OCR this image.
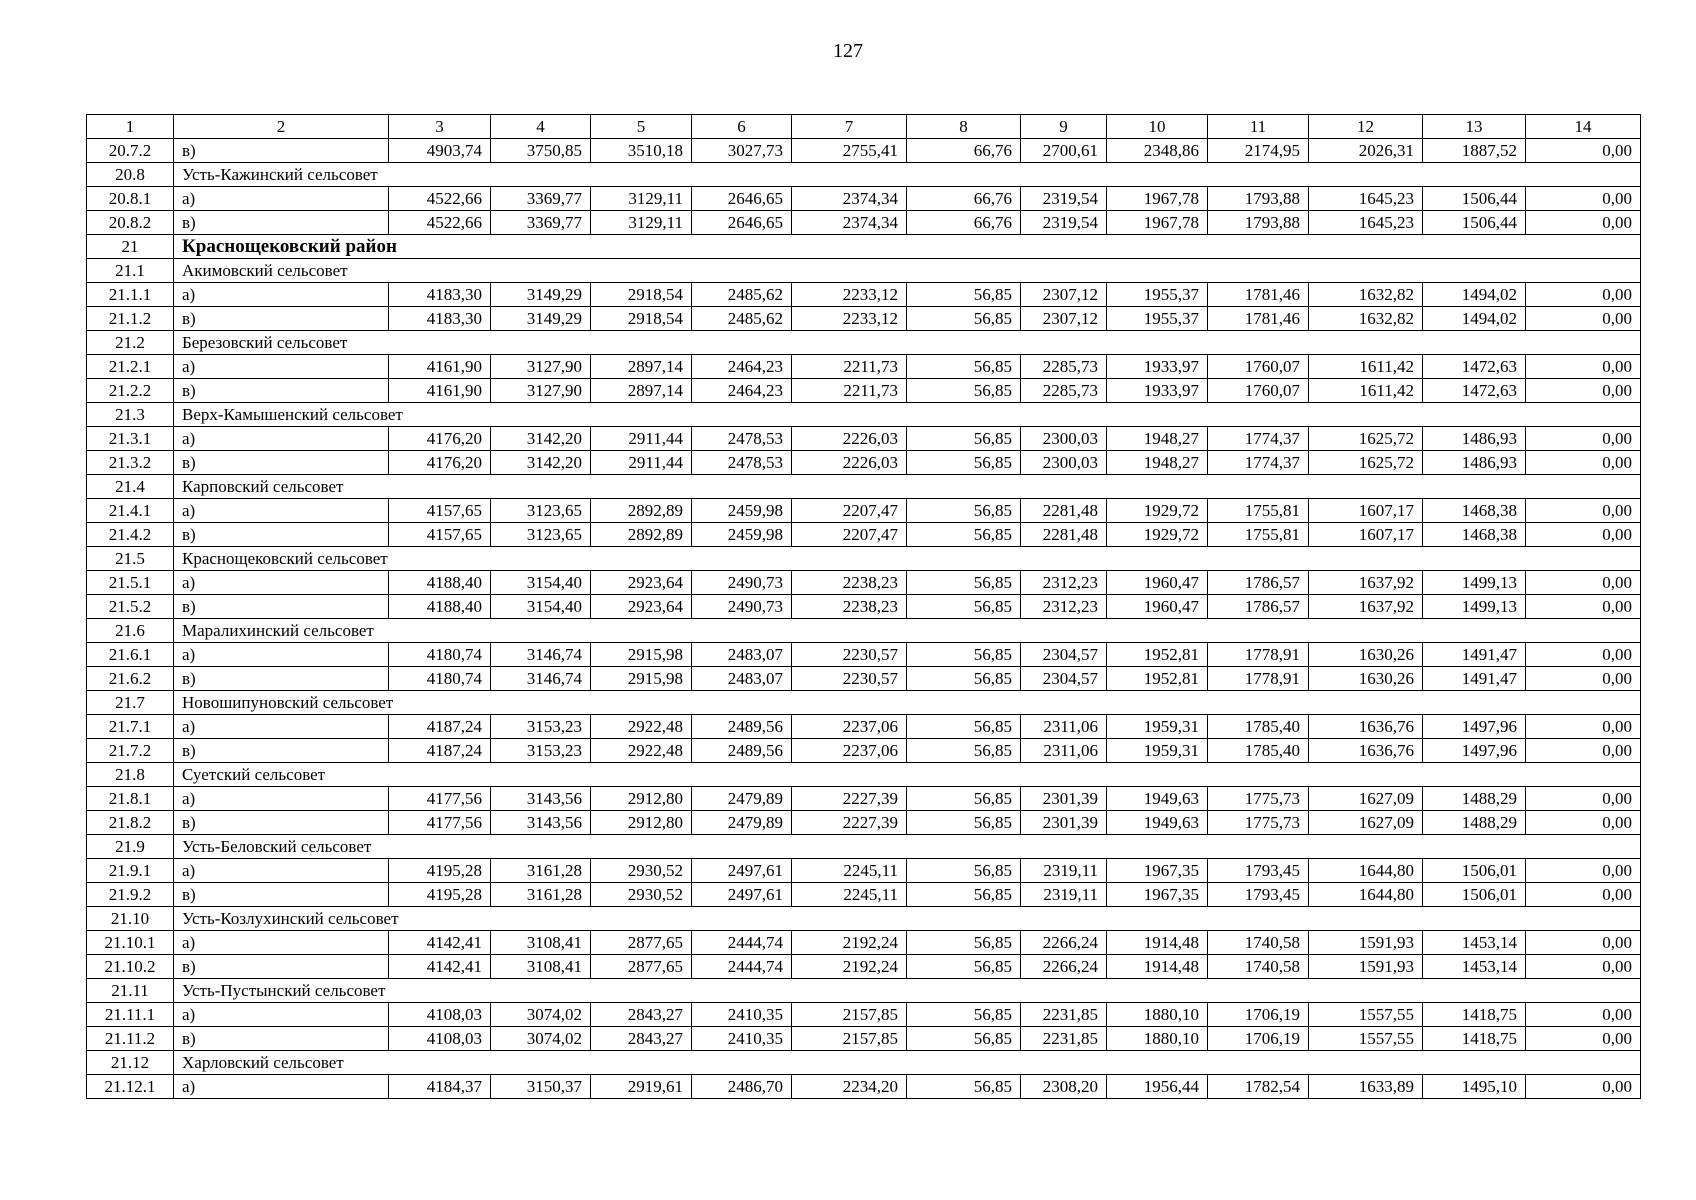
127
1	2	3	4	5	6	7	8	9	10	11	12	13	14
20.7.2	в)	4903,74	3750,85	3510,18	3027,73	2755,41	66,76	2700,61	2348,86	2174,95	2026,31	1887,52	0,00
20.8	Усть-Кажинский сельсовет												
20.8.1	а)	4522,66	3369,77	3129,11	2646,65	2374,34	66,76	2319,54	1967,78	1793,88	1645,23	1506,44	0,00
20.8.2	в)	4522,66	3369,77	3129,11	2646,65	2374,34	66,76	2319,54	1967,78	1793,88	1645,23	1506,44	0,00
21	Краснощековский район												
21.1	Акимовский сельсовет												
21.1.1	а)	4183,30	3149,29	2918,54	2485,62	2233,12	56,85	2307,12	1955,37	1781,46	1632,82	1494,02	0,00
21.1.2	в)	4183,30	3149,29	2918,54	2485,62	2233,12	56,85	2307,12	1955,37	1781,46	1632,82	1494,02	0,00
21.2	Березовский сельсовет												
21.2.1	а)	4161,90	3127,90	2897,14	2464,23	2211,73	56,85	2285,73	1933,97	1760,07	1611,42	1472,63	0,00
21.2.2	в)	4161,90	3127,90	2897,14	2464,23	2211,73	56,85	2285,73	1933,97	1760,07	1611,42	1472,63	0,00
21.3	Верх-Камышенский сельсовет												
21.3.1	а)	4176,20	3142,20	2911,44	2478,53	2226,03	56,85	2300,03	1948,27	1774,37	1625,72	1486,93	0,00
21.3.2	в)	4176,20	3142,20	2911,44	2478,53	2226,03	56,85	2300,03	1948,27	1774,37	1625,72	1486,93	0,00
21.4	Карповский сельсовет												
21.4.1	а)	4157,65	3123,65	2892,89	2459,98	2207,47	56,85	2281,48	1929,72	1755,81	1607,17	1468,38	0,00
21.4.2	в)	4157,65	3123,65	2892,89	2459,98	2207,47	56,85	2281,48	1929,72	1755,81	1607,17	1468,38	0,00
21.5	Краснощековский сельсовет												
21.5.1	а)	4188,40	3154,40	2923,64	2490,73	2238,23	56,85	2312,23	1960,47	1786,57	1637,92	1499,13	0,00
21.5.2	в)	4188,40	3154,40	2923,64	2490,73	2238,23	56,85	2312,23	1960,47	1786,57	1637,92	1499,13	0,00
21.6	Маралихинский сельсовет												
21.6.1	а)	4180,74	3146,74	2915,98	2483,07	2230,57	56,85	2304,57	1952,81	1778,91	1630,26	1491,47	0,00
21.6.2	в)	4180,74	3146,74	2915,98	2483,07	2230,57	56,85	2304,57	1952,81	1778,91	1630,26	1491,47	0,00
21.7	Новошипуновский сельсовет												
21.7.1	а)	4187,24	3153,23	2922,48	2489,56	2237,06	56,85	2311,06	1959,31	1785,40	1636,76	1497,96	0,00
21.7.2	в)	4187,24	3153,23	2922,48	2489,56	2237,06	56,85	2311,06	1959,31	1785,40	1636,76	1497,96	0,00
21.8	Суетский сельсовет												
21.8.1	а)	4177,56	3143,56	2912,80	2479,89	2227,39	56,85	2301,39	1949,63	1775,73	1627,09	1488,29	0,00
21.8.2	в)	4177,56	3143,56	2912,80	2479,89	2227,39	56,85	2301,39	1949,63	1775,73	1627,09	1488,29	0,00
21.9	Усть-Беловский сельсовет												
21.9.1	а)	4195,28	3161,28	2930,52	2497,61	2245,11	56,85	2319,11	1967,35	1793,45	1644,80	1506,01	0,00
21.9.2	в)	4195,28	3161,28	2930,52	2497,61	2245,11	56,85	2319,11	1967,35	1793,45	1644,80	1506,01	0,00
21.10	Усть-Козлухинский сельсовет												
21.10.1	а)	4142,41	3108,41	2877,65	2444,74	2192,24	56,85	2266,24	1914,48	1740,58	1591,93	1453,14	0,00
21.10.2	в)	4142,41	3108,41	2877,65	2444,74	2192,24	56,85	2266,24	1914,48	1740,58	1591,93	1453,14	0,00
21.11	Усть-Пустынский сельсовет												
21.11.1	а)	4108,03	3074,02	2843,27	2410,35	2157,85	56,85	2231,85	1880,10	1706,19	1557,55	1418,75	0,00
21.11.2	в)	4108,03	3074,02	2843,27	2410,35	2157,85	56,85	2231,85	1880,10	1706,19	1557,55	1418,75	0,00
21.12	Харловский сельсовет												
21.12.1	а)	4184,37	3150,37	2919,61	2486,70	2234,20	56,85	2308,20	1956,44	1782,54	1633,89	1495,10	0,00
